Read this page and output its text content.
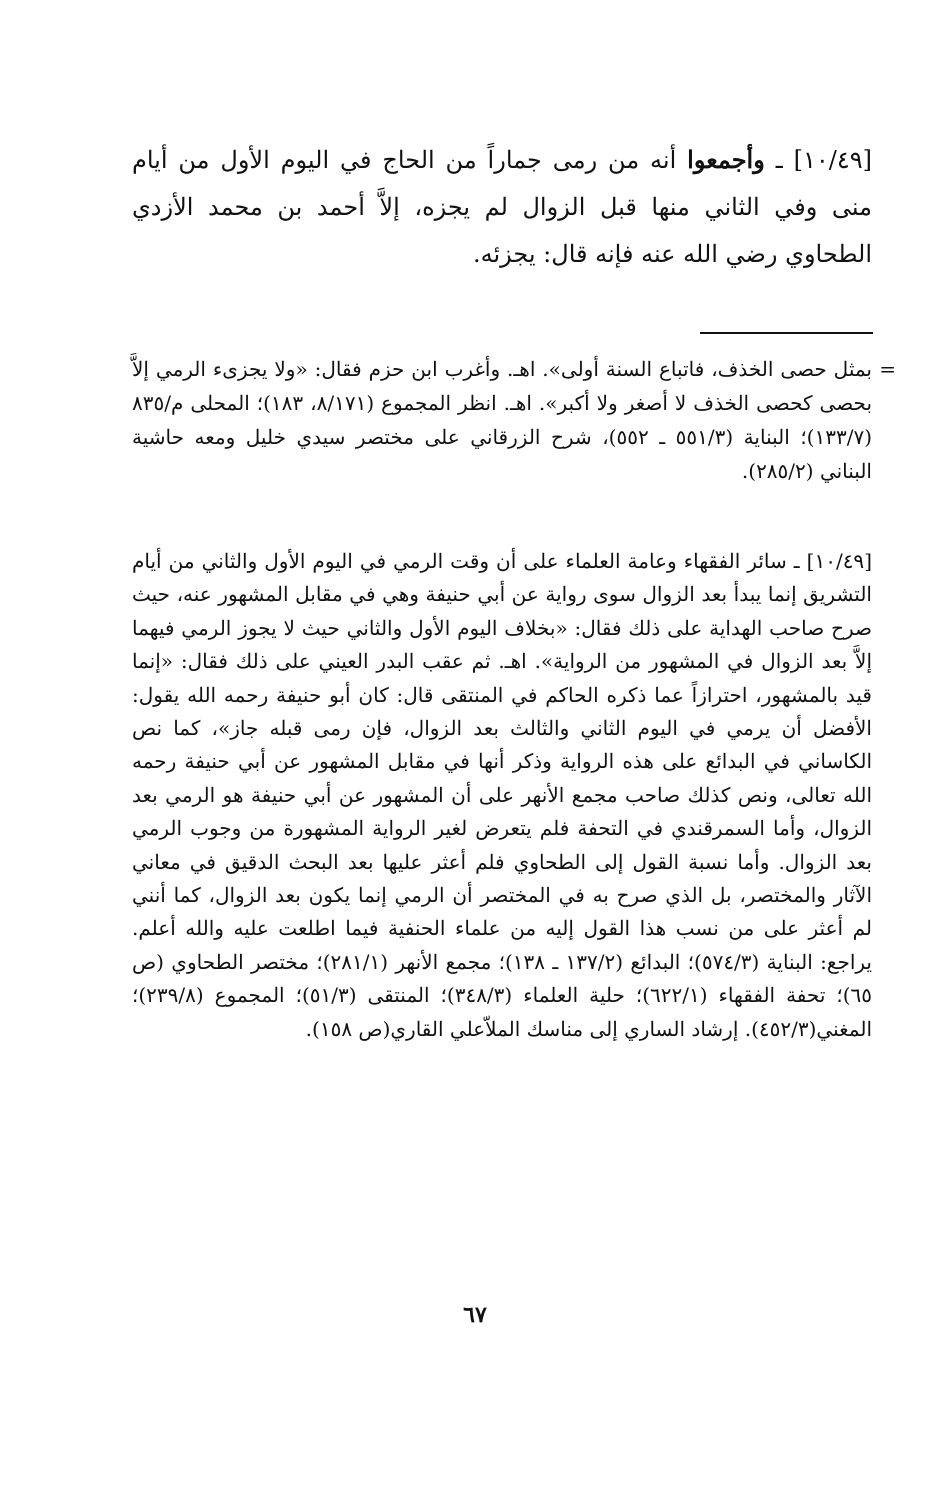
[١٠/٤٩] ـ وأجمعوا أنه من رمى جماراً من الحاج في اليوم الأول من أيام منى وفي الثاني منها قبل الزوال لم يجزه، إلاَّ أحمد بن محمد الأزدي الطحاوي رضي الله عنه فإنه قال: يجزئه.
=
بمثل حصى الخذف، فاتباع السنة أولى». اهـ. وأغرب ابن حزم فقال: «ولا يجزىء الرمي إلاَّ بحصى كحصى الخذف لا أصغر ولا أكبر». اهـ. انظر المجموع (٨/١٧١، ١٨٣)؛ المحلى م/٨٣٥ (١٣٣/٧)؛ البناية (٥٥١/٣ ـ ٥٥٢)، شرح الزرقاني على مختصر سيدي خليل ومعه حاشية البناني (٢٨٥/٢).
[١٠/٤٩] ـ سائر الفقهاء وعامة العلماء على أن وقت الرمي في اليوم الأول والثاني من أيام التشريق إنما يبدأ بعد الزوال سوى رواية عن أبي حنيفة وهي في مقابل المشهور عنه، حيث صرح صاحب الهداية على ذلك فقال: «بخلاف اليوم الأول والثاني حيث لا يجوز الرمي فيهما إلاَّ بعد الزوال في المشهور من الرواية». اهـ. ثم عقب البدر العيني على ذلك فقال: «إنما قيد بالمشهور، احترازاً عما ذكره الحاكم في المنتقى قال: كان أبو حنيفة رحمه الله يقول: الأفضل أن يرمي في اليوم الثاني والثالث بعد الزوال، فإن رمى قبله جاز»، كما نص الكاساني في البدائع على هذه الرواية وذكر أنها في مقابل المشهور عن أبي حنيفة رحمه الله تعالى، ونص كذلك صاحب مجمع الأنهر على أن المشهور عن أبي حنيفة هو الرمي بعد الزوال، وأما السمرقندي في التحفة فلم يتعرض لغير الرواية المشهورة من وجوب الرمي بعد الزوال. وأما نسبة القول إلى الطحاوي فلم أعثر عليها بعد البحث الدقيق في معاني الآثار والمختصر، بل الذي صرح به في المختصر أن الرمي إنما يكون بعد الزوال، كما أنني لم أعثر على من نسب هذا القول إليه من علماء الحنفية فيما اطلعت عليه والله أعلم. يراجع: البناية (٥٧٤/٣)؛ البدائع (١٣٧/٢ ـ ١٣٨)؛ مجمع الأنهر (٢٨١/١)؛ مختصر الطحاوي (ص ٦٥)؛ تحفة الفقهاء (٦٢٢/١)؛ حلية العلماء (٣٤٨/٣)؛ المنتقى (٥١/٣)؛ المجموع (٢٣٩/٨)؛المغني(٤٥٢/٣). إرشاد الساري إلى مناسك الملاّعلي القاري(ص ١٥٨).
٦٧
